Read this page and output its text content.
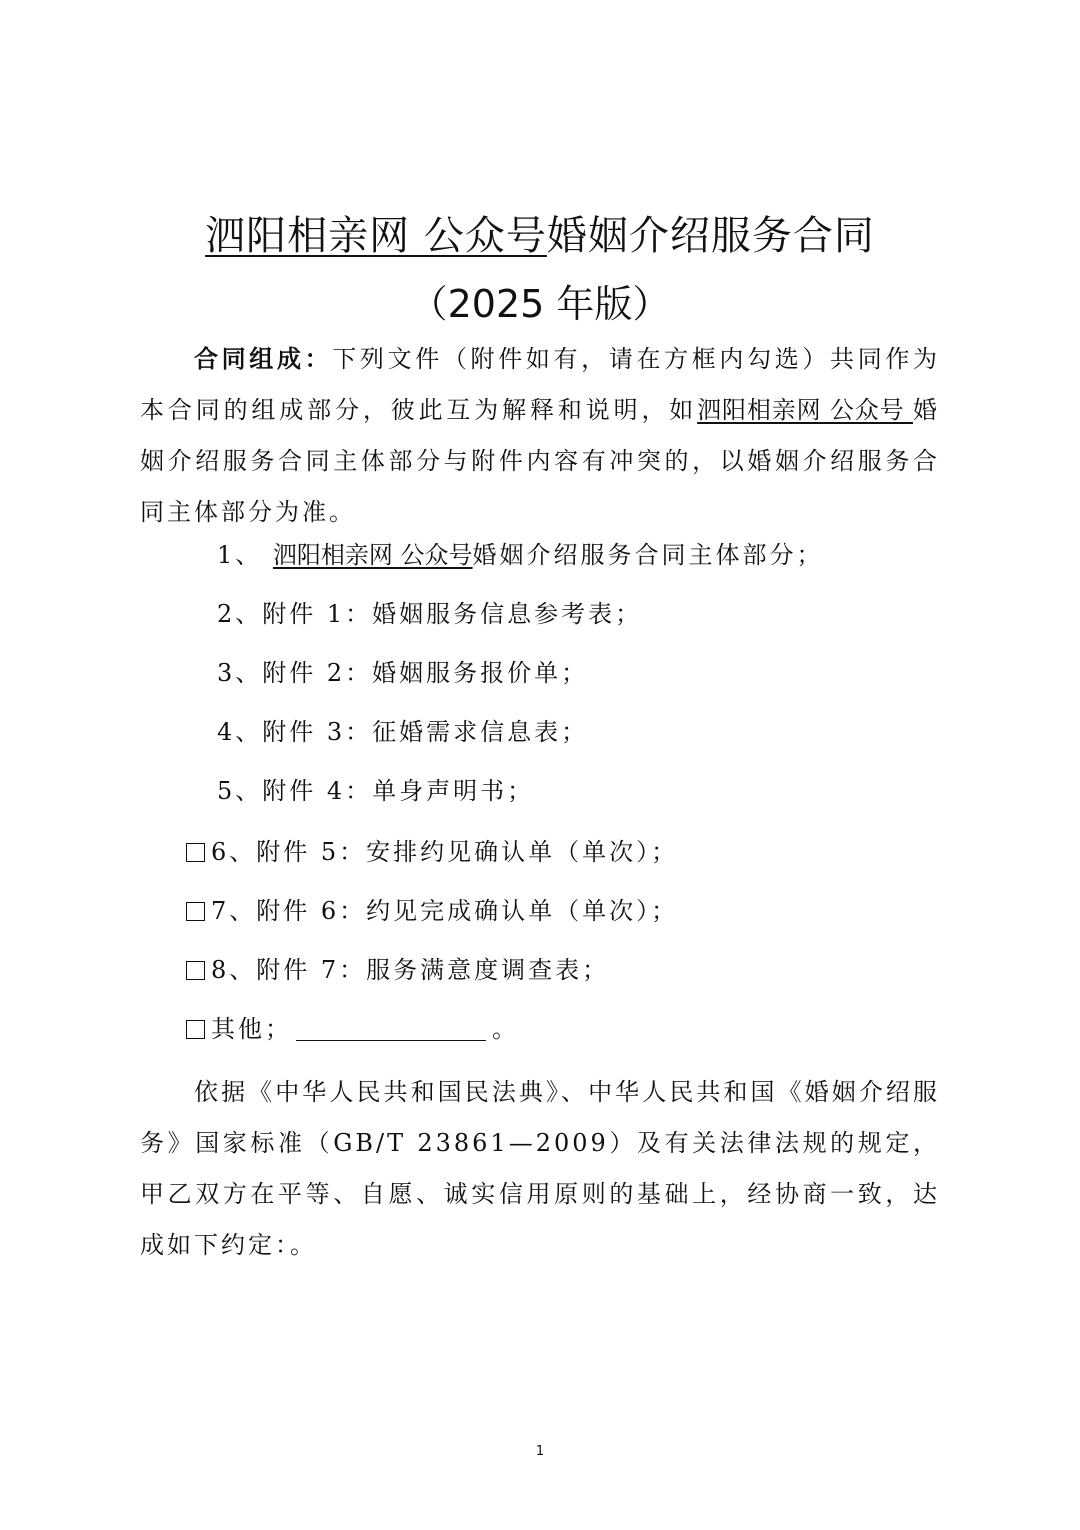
泗阳相亲网 公众号婚姻介绍服务合同
（2025 年版）

合同组成：下列文件（附件如有，请在方框内勾选）共同作为本合同的组成部分，彼此互为解释和说明，如泗阳相亲网 公众号 婚姻介绍服务合同主体部分与附件内容有冲突的，以婚姻介绍服务合同主体部分为准。

1、 泗阳相亲网 公众号婚姻介绍服务合同主体部分；
2、附件 1：婚姻服务信息参考表；
3、附件 2：婚姻服务报价单；
4、附件 3：征婚需求信息表；
5、附件 4：单身声明书；
6、附件 5：安排约见确认单（单次）；
7、附件 6：约见完成确认单（单次）；
8、附件 7：服务满意度调查表；
其他；	。

依据《中华人民共和国民法典》、中华人民共和国《婚姻介绍服务》国家标准（GB/T 23861—2009）及有关法律法规的规定，甲乙双方在平等、自愿、诚实信用原则的基础上，经协商一致，达成如下约定：。

1
